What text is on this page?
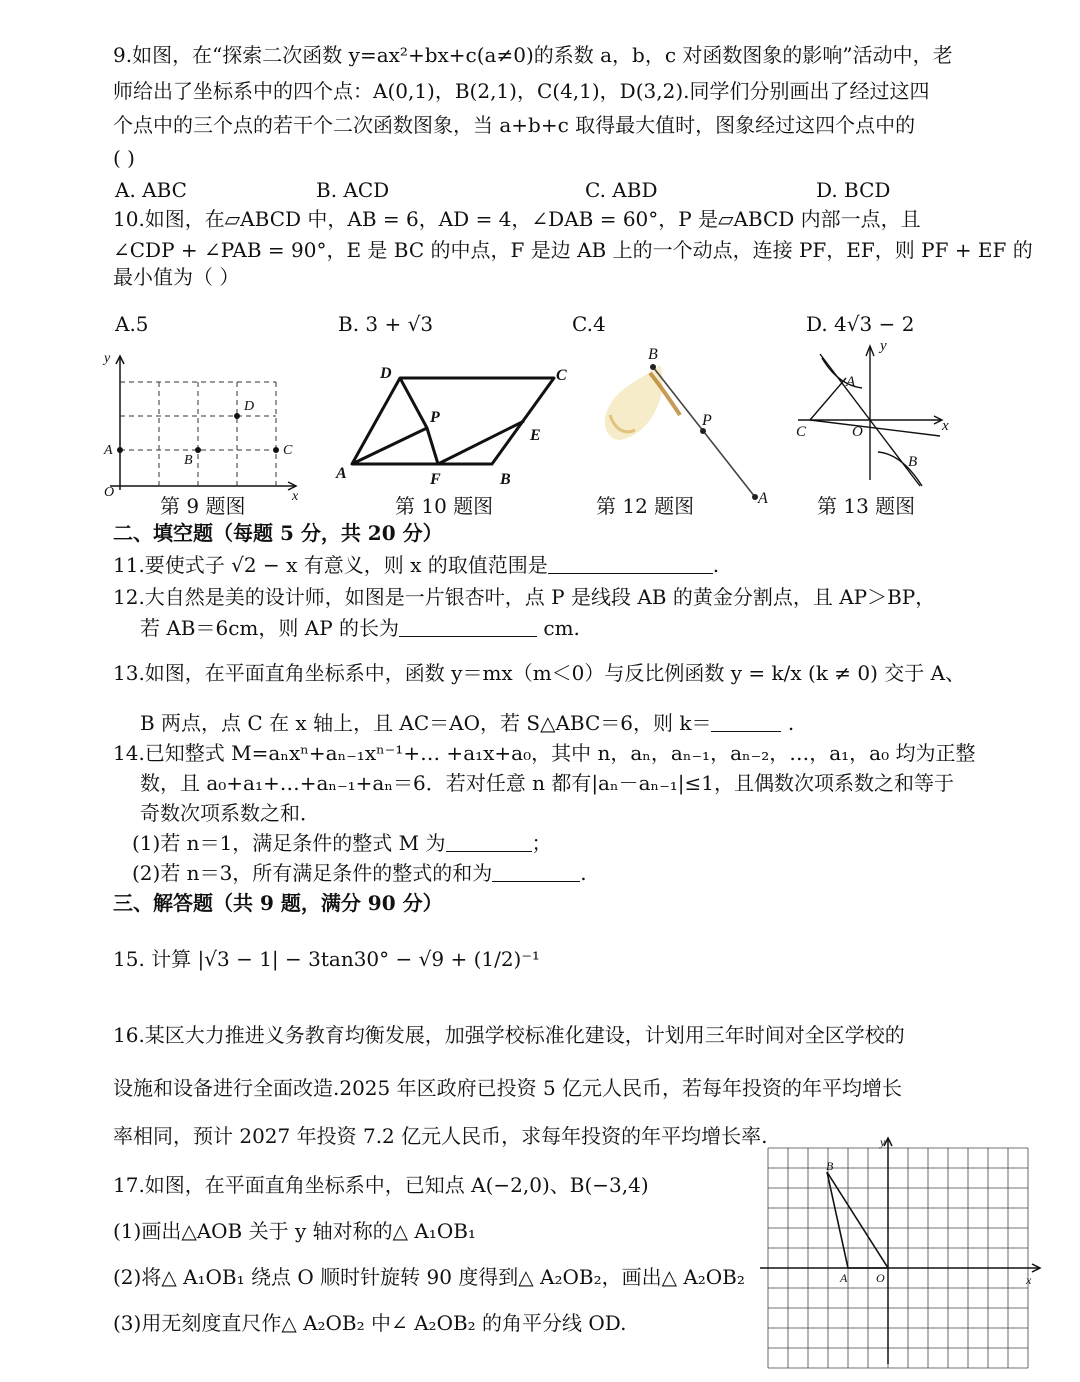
9.如图，在“探索二次函数 y=ax²+bx+c(a≠0)的系数 a，b，c 对函数图象的影响”活动中，老
师给出了坐标系中的四个点：A(0,1)，B(2,1)，C(4,1)，D(3,2).同学们分别画出了经过这四
个点中的三个点的若干个二次函数图象，当 a+b+c 取得最大值时，图象经过这四个点中的
( )
A. ABC	B. ACD	C. ABD	D. BCD
10.如图，在▱ABCD 中，AB = 6，AD = 4，∠DAB = 60°，P 是▱ABCD 内部一点，且
∠CDP + ∠PAB = 90°，E 是 BC 的中点，F 是边 AB 上的一个动点，连接 PF，EF，则 PF + EF 的
最小值为（ ）
A.5	B. 3 + √3	C.4	D. 4√3 − 2
y
x
O
A
B
C
D
第 9 题图
A	B
C
D
P
E
F
第 10 题图
B
P
A
第 12 题图
y
x
O
A
B
C
第 13 题图
二、填空题（每题 5 分，共 20 分）
11.要使式子 √2 − x 有意义，则 x 的取值范围是	.
12.大自然是美的设计师，如图是一片银杏叶，点 P 是线段 AB 的黄金分割点，且 AP＞BP，
若 AB＝6cm，则 AP 的长为	cm.
13.如图，在平面直角坐标系中，函数 y＝mx（m＜0）与反比例函数 y = k/x (k ≠ 0) 交于 A、
B 两点，点 C 在 x 轴上，且 AC＝AO，若 S△ABC＝6，则 k＝	.
14.已知整式 M=aₙxⁿ+aₙ₋₁xⁿ⁻¹+… +a₁x+a₀，其中 n，aₙ，aₙ₋₁，aₙ₋₂，…，a₁，a₀ 均为正整
数，且 a₀+a₁+…+aₙ₋₁+aₙ＝6．若对任意 n 都有|aₙ－aₙ₋₁|≤1，且偶数次项系数之和等于
奇数次项系数之和．
(1)若 n＝1，满足条件的整式 M 为	；
(2)若 n＝3，所有满足条件的整式的和为	.
三、解答题（共 9 题，满分 90 分）
15. 计算 |√3 − 1| − 3tan30° − √9 + (1/2)⁻¹
16.某区大力推进义务教育均衡发展，加强学校标准化建设，计划用三年时间对全区学校的
设施和设备进行全面改造.2025 年区政府已投资 5 亿元人民币，若每年投资的年平均增长
率相同，预计 2027 年投资 7.2 亿元人民币，求每年投资的年平均增长率.
17.如图，在平面直角坐标系中，已知点 A(−2,0)、B(−3,4)
(1)画出△AOB 关于 y 轴对称的△ A₁OB₁
(2)将△ A₁OB₁ 绕点 O 顺时针旋转 90 度得到△ A₂OB₂，画出△ A₂OB₂
(3)用无刻度直尺作△ A₂OB₂ 中∠ A₂OB₂ 的角平分线 OD.
y
x
O
A
B
